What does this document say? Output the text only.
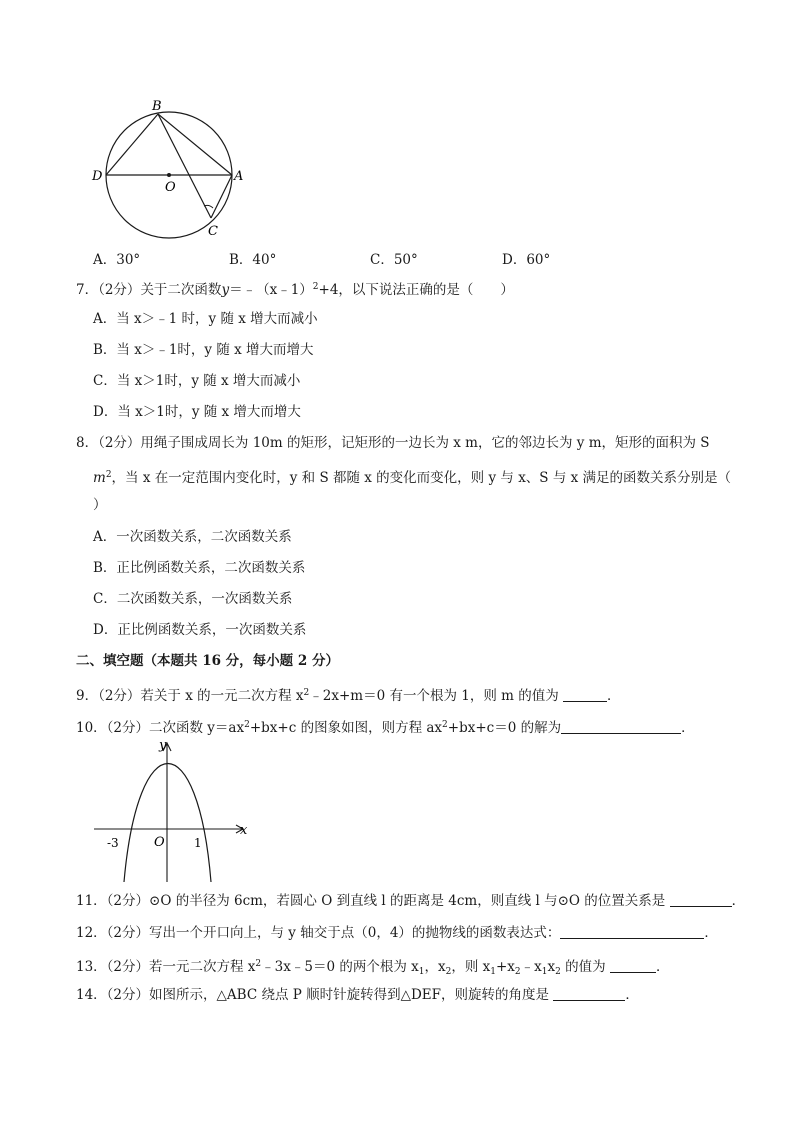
B
D
O
A
C
A．30°	B．40°	C．50°	D．60°
7．（2分）关于二次函数y＝﹣（x﹣1）$^2$+4，以下说法正确的是（　　）
A．当 x＞﹣1 时，y 随 x 增大而减小
B．当 x＞﹣1时，y 随 x 增大而增大
C．当 x＞1时，y 随 x 增大而减小
D．当 x＞1时，y 随 x 增大而增大
8．（2分）用绳子围成周长为 10m 的矩形，记矩形的一边长为 x m，它的邻边长为 y m，矩形的面积为 S
$m^2$，当 x 在一定范围内变化时，y 和 S 都随 x 的变化而变化，则 y 与 x、S 与 x 满足的函数关系分别是（
）
A．一次函数关系，二次函数关系
B．正比例函数关系，二次函数关系
C．二次函数关系，一次函数关系
D．正比例函数关系，一次函数关系
二、填空题（本题共 16 分，每小题 2 分）
9．（2分）若关于 x 的一元二次方程 $x^2﹣2x+m=0$ 有一个根为 1，则 m 的值为	．
10．（2分）二次函数 $y=ax^2+bx+c$ 的图象如图，则方程 $ax^2+bx+c=0$ 的解为	．
y
x
-3	O 1
11．（2分）⊙O 的半径为 6cm，若圆心 O 到直线 l 的距离是 4cm，则直线 l 与⊙O 的位置关系是	．
12．（2分）写出一个开口向上，与 y 轴交于点（0，4）的抛物线的函数表达式：	．
13．（2分）若一元二次方程 $x^2﹣3x﹣5=0$ 的两个根为 $x_1$，$x_2$，则 $x_1+x_2﹣x_1x_2$ 的值为	．
14．（2分）如图所示，△ABC 绕点 P 顺时针旋转得到△DEF，则旋转的角度是	．
